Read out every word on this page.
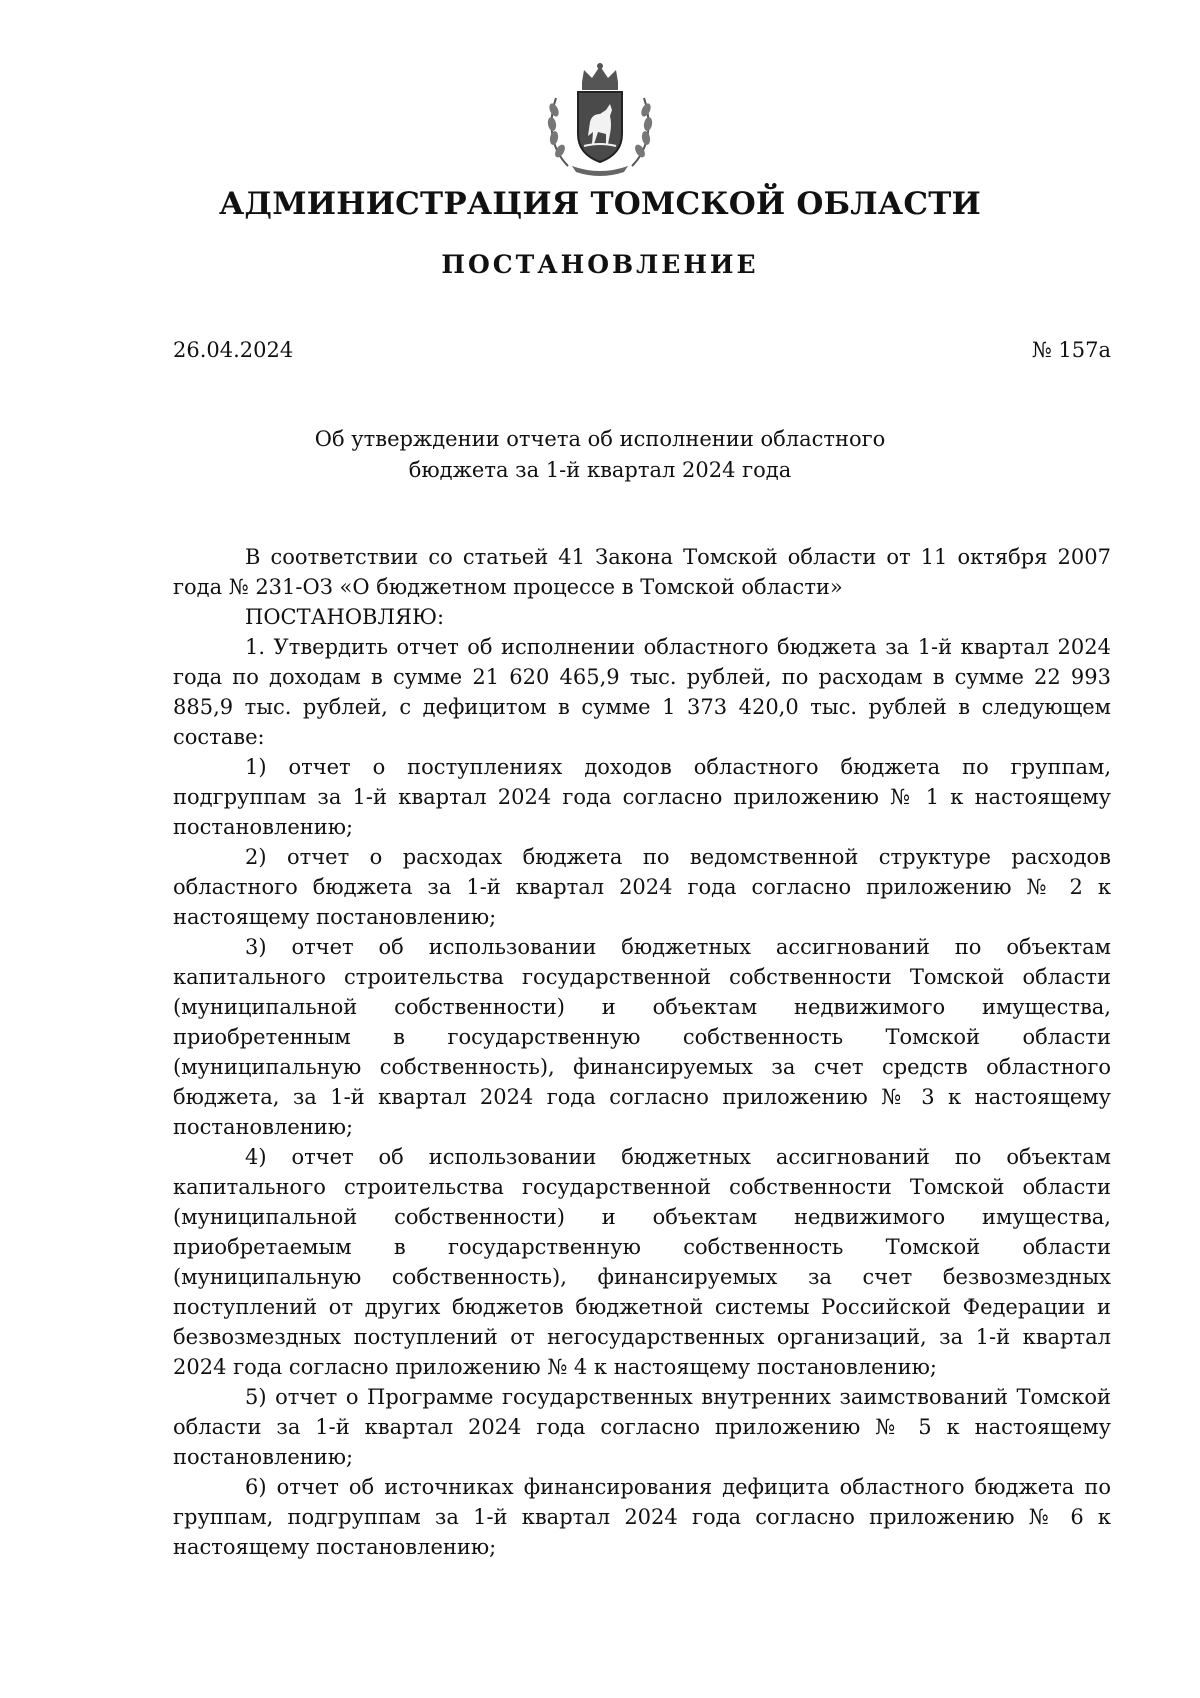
АДМИНИСТРАЦИЯ ТОМСКОЙ ОБЛАСТИ
ПОСТАНОВЛЕНИЕ
26.04.2024	№ 157а
Об утверждении отчета об исполнении областного
бюджета за 1-й квартал 2024 года

В соответствии со статьей 41 Закона Томской области от 11 октября 2007 года № 231-ОЗ «О бюджетном процессе в Томской области»

ПОСТАНОВЛЯЮ:

1. Утвердить отчет об исполнении областного бюджета за 1-й квартал 2024 года по доходам в сумме 21 620 465,9 тыс. рублей, по расходам в сумме 22 993 885,9 тыс. рублей, с дефицитом в сумме 1 373 420,0 тыс. рублей в следующем составе:

1) отчет о поступлениях доходов областного бюджета по группам, подгруппам за 1-й квартал 2024 года согласно приложению № 1 к настоящему постановлению;

2) отчет о расходах бюджета по ведомственной структуре расходов областного бюджета за 1-й квартал 2024 года согласно приложению № 2 к настоящему постановлению;

3) отчет об использовании бюджетных ассигнований по объектам капитального строительства государственной собственности Томской области (муниципальной собственности) и объектам недвижимого имущества, приобретенным в государственную собственность Томской области (муниципальную собственность), финансируемых за счет средств областного бюджета, за 1-й квартал 2024 года согласно приложению № 3 к настоящему постановлению;

4) отчет об использовании бюджетных ассигнований по объектам капитального строительства государственной собственности Томской области (муниципальной собственности) и объектам недвижимого имущества, приобретаемым в государственную собственность Томской области (муниципальную собственность), финансируемых за счет безвозмездных поступлений от других бюджетов бюджетной системы Российской Федерации и безвозмездных поступлений от негосударственных организаций, за 1-й квартал 2024 года согласно приложению № 4 к настоящему постановлению;

5) отчет о Программе государственных внутренних заимствований Томской области за 1-й квартал 2024 года согласно приложению № 5 к настоящему постановлению;

6) отчет об источниках финансирования дефицита областного бюджета по группам, подгруппам за 1-й квартал 2024 года согласно приложению № 6 к настоящему постановлению;
